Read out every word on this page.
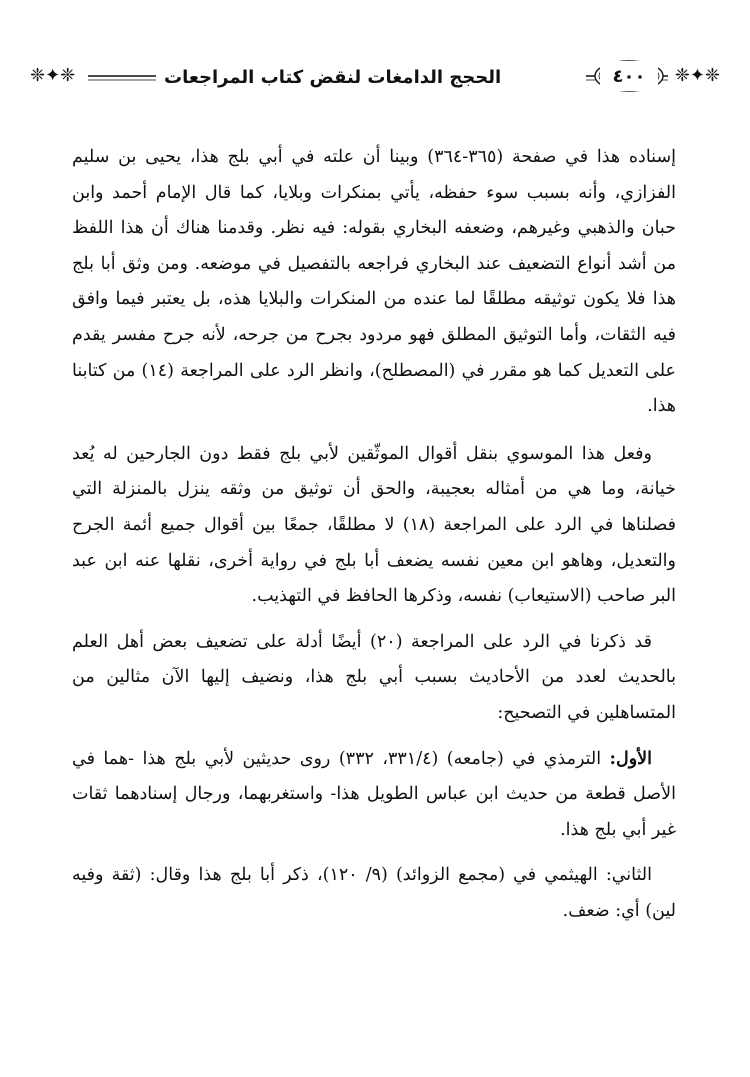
٤٠٠
الحجج الدامغات لنقض كتاب المراجعات	❈✦❈
❈✦❈

إسناده هذا في صفحة (٣٦٥-٣٦٤) وبينا أن علته في أبي بلج هذا، يحيى بن سليم الفزازي، وأنه بسبب سوء حفظه، يأتي بمنكرات وبلايا، كما قال الإمام أحمد وابن حبان والذهبي وغيرهم، وضعفه البخاري بقوله: فيه نظر. وقدمنا هناك أن هذا اللفظ من أشد أنواع التضعيف عند البخاري فراجعه بالتفصيل في موضعه. ومن وثق أبا بلج هذا فلا يكون توثيقه مطلقًا لما عنده من المنكرات والبلايا هذه، بل يعتبر فيما وافق فيه الثقات، وأما التوثيق المطلق فهو مردود بجرح من جرحه، لأنه جرح مفسر يقدم على التعديل كما هو مقرر في (المصطلح)، وانظر الرد على المراجعة (١٤) من كتابنا هذا.

وفعل هذا الموسوي بنقل أقوال الموثّقين لأبي بلج فقط دون الجارحين له يُعد خيانة، وما هي من أمثاله بعجيبة، والحق أن توثيق من وثقه ينزل بالمنزلة التي فصلناها في الرد على المراجعة (١٨) لا مطلقًا، جمعًا بين أقوال جميع أئمة الجرح والتعديل، وهاهو ابن معين نفسه يضعف أبا بلج في رواية أخرى، نقلها عنه ابن عبد البر صاحب (الاستيعاب) نفسه، وذكرها الحافظ في التهذيب.

قد ذكرنا في الرد على المراجعة (٢٠) أيضًا أدلة على تضعيف بعض أهل العلم بالحديث لعدد من الأحاديث بسبب أبي بلج هذا، ونضيف إليها الآن مثالين من المتساهلين في التصحيح:

الأول: الترمذي في (جامعه) (٣٣١/٤، ٣٣٢) روى حديثين لأبي بلج هذا -هما في الأصل قطعة من حديث ابن عباس الطويل هذا- واستغربهما، ورجال إسنادهما ثقات غير أبي بلج هذا.

الثاني: الهيثمي في (مجمع الزوائد) (٩/ ١٢٠)، ذكر أبا بلج هذا وقال: (ثقة وفيه لين) أي: ضعف.
